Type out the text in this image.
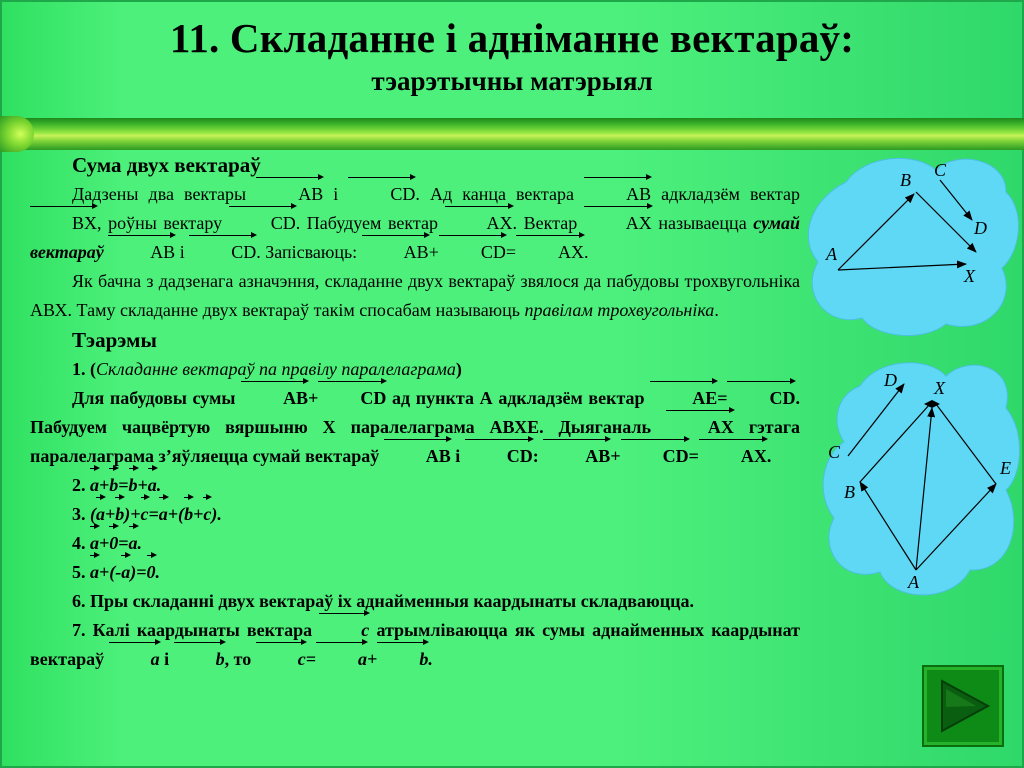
11. Складанне і адніманне вектараў:
тэарэтычны матэрыял

Сума двух вектараў

Дадзены два вектары AB і CD. Ад канца вектара AB адкладзём вектар BX, роўны вектару CD. Пабудуем вектар AX. Вектар AX называецца сумай вектараў	AB і CD. Запісваюць: AB+ CD= AX.

Як бачна з дадзенага азначэння, складанне двух вектараў звялося да пабудовы трохвугольніка АВХ. Таму складанне двух вектараў такім спосабам называюць правілам трохвугольніка.

Тэарэмы

1. (Складанне вектараў па правілу паралелаграма)

Для пабудовы сумы AB+ CD ад пункта А адкладзём вектар AE= CD. Пабудуем чацвёртую вяршыню Х паралелаграма АВХЕ. Дыяганаль AX гэтага паралелаграма з’яўляецца сумай вектараў AB і CD: AB+ CD= AX.

2. a+b=b+a.

3. (a+b)+c=a+(b+c).

4. a+0=a.

5. a+(-a)=0.

6. Пры складанні двух вектараў іх аднайменныя каардынаты складваюцца.

7. Калі каардынаты вектара c атрымліваюцца як сумы аднайменных каардынат вектараў a і b, то c= a+ b.

B C
D
A
X
D X
C
E
B
A
